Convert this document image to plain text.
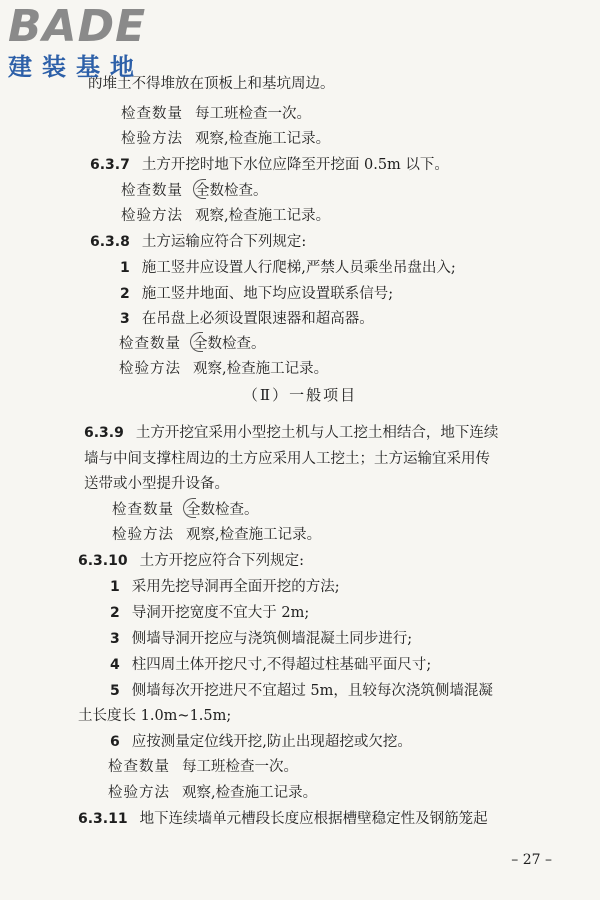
BADE
建装基地
的堆土不得堆放在顶板上和基坑周边。
检查数量 每工班检查一次。
检验方法 观察,检查施工记录。
6.3.7 土方开挖时地下水位应降至开挖面 0.5m 以下。
检查数量 全数检查。
检验方法 观察,检查施工记录。
6.3.8 土方运输应符合下列规定:
1 施工竖井应设置人行爬梯,严禁人员乘坐吊盘出入;
2 施工竖井地面、地下均应设置联系信号;
3 在吊盘上必须设置限速器和超高器。
检查数量 全数检查。
检验方法 观察,检查施工记录。
（Ⅱ）一般项目
6.3.9 土方开挖宜采用小型挖土机与人工挖土相结合，地下连续
墙与中间支撑柱周边的土方应采用人工挖土；土方运输宜采用传
送带或小型提升设备。
检查数量 全数检查。
检验方法 观察,检查施工记录。
6.3.10 土方开挖应符合下列规定:
1 采用先挖导洞再全面开挖的方法;
2 导洞开挖宽度不宜大于 2m;
3 侧墙导洞开挖应与浇筑侧墙混凝土同步进行;
4 柱四周土体开挖尺寸,不得超过柱基础平面尺寸;
5 侧墙每次开挖进尺不宜超过 5m，且较每次浇筑侧墙混凝
土长度长 1.0m~1.5m;
6 应按测量定位线开挖,防止出现超挖或欠挖。
检查数量 每工班检查一次。
检验方法 观察,检查施工记录。
6.3.11 地下连续墙单元槽段长度应根据槽壁稳定性及钢筋笼起
– 27 –
